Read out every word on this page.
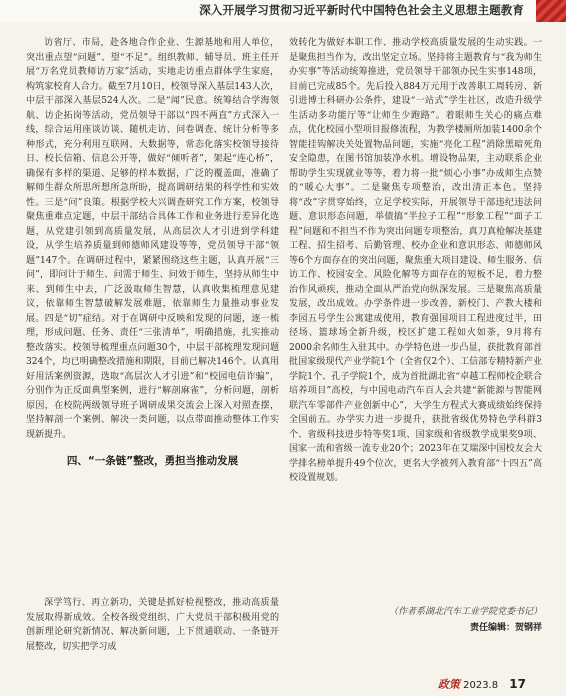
深入开展学习贯彻习近平新时代中国特色社会主义思想主题教育

访省厅、市局，赴各地合作企业、生源基地和用人单位，突出重点望“问题”、望“不足”。组织教师、辅导员、班主任开展“万名党员教师访万家”活动，实地走访重点群体学生家庭，构筑家校育人合力。截至7月10日，校领导深入基层143人次，中层干部深入基层524人次。二是“闻”民意。统筹结合学海领航、访企拓岗等活动，党员领导干部以“四不两直”方式深入一线，综合运用座谈访谈、随机走访、问卷调查、统计分析等多种形式，充分利用互联网、大数据等，常态化落实校领导接待日、校长信箱、信息公开等，做好“倾听者”，架起“连心桥”，确保有多样的渠道、足够的样本数据，广泛的覆盖面，准确了解师生群众所思所想所急所盼，提高调研结果的科学性和实效性。三是“问”良策。根据学校大兴调查研究工作方案，校领导聚焦重难点定题，中层干部结合具体工作和业务进行差异化选题，从党建引领到高质量发展，从高层次人才引进到学科建设，从学生培养质量到师德师风建设等等，党员领导干部“领题”147个。在调研过程中，紧紧围绕这些主题，认真开展“三问”，即问计于师生、问需于师生、问效于师生，坚持从师生中来、到师生中去，广泛汲取师生智慧，认真收集梳理意见建议，依靠师生智慧破解发展难题，依靠师生力量推动事业发展。四是“切”症结。对于在调研中反映和发现的问题，逐一梳理，形成问题、任务、责任“三张清单”，明确措施，扎实推动整改落实。校领导梳理重点问题30个，中层干部梳理发现问题324个，均已明确整改措施和期限，目前已解决146个。认真用好用活案例资源，选取“高层次人才引进”和“校园电信诈骗”，分别作为正反面典型案例，进行“解剖麻雀”，分析问题，剖析原因，在校院两级领导班子调研成果交流会上深入对照查摆，坚持解剖一个案例、解决一类问题，以点带面推动整体工作实现新提升。

四、“一条链”整改，勇担当推动发展

深学笃行、再立新功，关键是抓好检视整改，推动高质量发展取得新成效。全校各级党组织、广大党员干部积极用党的创新理论研究新情况、解决新问题，上下贯通联动、一条链开展整改，切实把学习成

效转化为做好本职工作、推动学校高质量发展的生动实践。一是聚焦担当作为，改出坚定立场。坚持将主题教育与“我为师生办实事”等活动统筹推进，党员领导干部领办民生实事148项，目前已完成85个。先后投入884万元用于改善职工周转房、新引进博士科研办公条件，建设“一站式”学生社区，改造升级学生活动多功能厅等“让师生少跑路”。着眼师生关心的痛点难点，优化校园小型项目报修流程，为教学楼厕所加装1400余个智能挂钩解决关处置物品问题，实施“亮化工程”消除黑暗死角安全隐患，在图书馆加装净水机。增设物品架，主动联系企业帮助学生实现就业等等，着力将一批“烦心小事”办成师生点赞的“暖心大事”。二是聚焦专项整治，改出清正本色。坚持将“改”字贯穿始终，立足学校实际，开展领导干部违纪违法问题、意识形态问题，举债搞“半拉子工程”“形象工程”“面子工程”问题和不担当不作为突出问题专项整治，真刀真枪解决基建工程、招生招考、后勤管理、校办企业和意识形态、师德师风等6个方面存在的突出问题，聚焦重大项目建设、师生服务、信访工作、校园安全、风险化解等方面存在的短板不足，着力整治作风顽疾，推动全面从严治党向纵深发展。三是聚焦高质量发展，改出成效。办学条件进一步改善，新校门、产教大楼和李园五号学生公寓建成使用，教育强国项目工程进度过半，田径场、篮球场全新升级，校区扩建工程如火如荼，9月将有2000余名师生入驻其中。办学特色进一步凸显，获批教育部首批国家级现代产业学院1个（全省仅2个）、工信部专精特新产业学院1个、孔子学院1个，成为首批湖北省“卓越工程师校企联合培养项目”高校，与中国电动汽车百人会共建“新能源与智能网联汽车零部件产业创新中心”，大学生方程式大赛成绩始终保持全国前五。办学实力进一步提升，获批省级优势特色学科群3个、省级科技进步特等奖1项、国家级和省级教学成果奖9项、国家一流和省级一流专业20个；2023年在艾瑞深中国校友会大学排名榜单提升49个位次，更名大学被列入教育部“十四五”高校设置规划。

（作者系湖北汽车工业学院党委书记）
责任编辑：贺钢祥
政策 2023.8 17
